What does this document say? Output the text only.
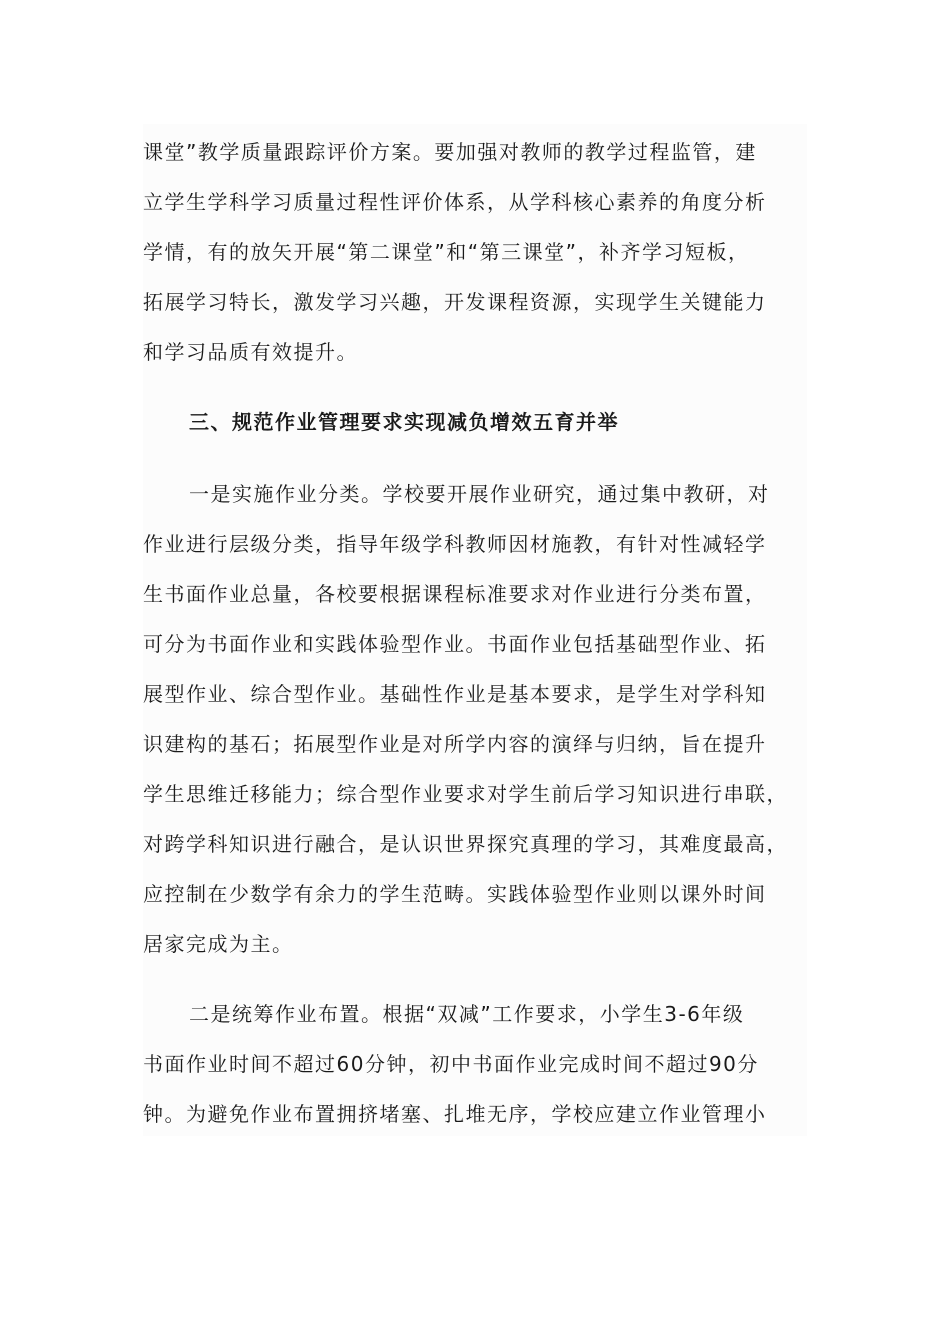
课堂”教学质量跟踪评价方案。要加强对教师的教学过程监管，建
立学生学科学习质量过程性评价体系，从学科核心素养的角度分析
学情，有的放矢开展“第二课堂”和“第三课堂”，补齐学习短板，
拓展学习特长，激发学习兴趣，开发课程资源，实现学生关键能力
和学习品质有效提升。
三、规范作业管理要求实现减负增效五育并举
一是实施作业分类。学校要开展作业研究，通过集中教研，对
作业进行层级分类，指导年级学科教师因材施教，有针对性减轻学
生书面作业总量，各校要根据课程标准要求对作业进行分类布置，
可分为书面作业和实践体验型作业。书面作业包括基础型作业、拓
展型作业、综合型作业。基础性作业是基本要求，是学生对学科知
识建构的基石；拓展型作业是对所学内容的演绎与归纳，旨在提升
学生思维迁移能力；综合型作业要求对学生前后学习知识进行串联，
对跨学科知识进行融合，是认识世界探究真理的学习，其难度最高，
应控制在少数学有余力的学生范畴。实践体验型作业则以课外时间
居家完成为主。
二是统筹作业布置。根据“双减”工作要求，小学生3-6年级
书面作业时间不超过60分钟，初中书面作业完成时间不超过90分
钟。为避免作业布置拥挤堵塞、扎堆无序，学校应建立作业管理小
